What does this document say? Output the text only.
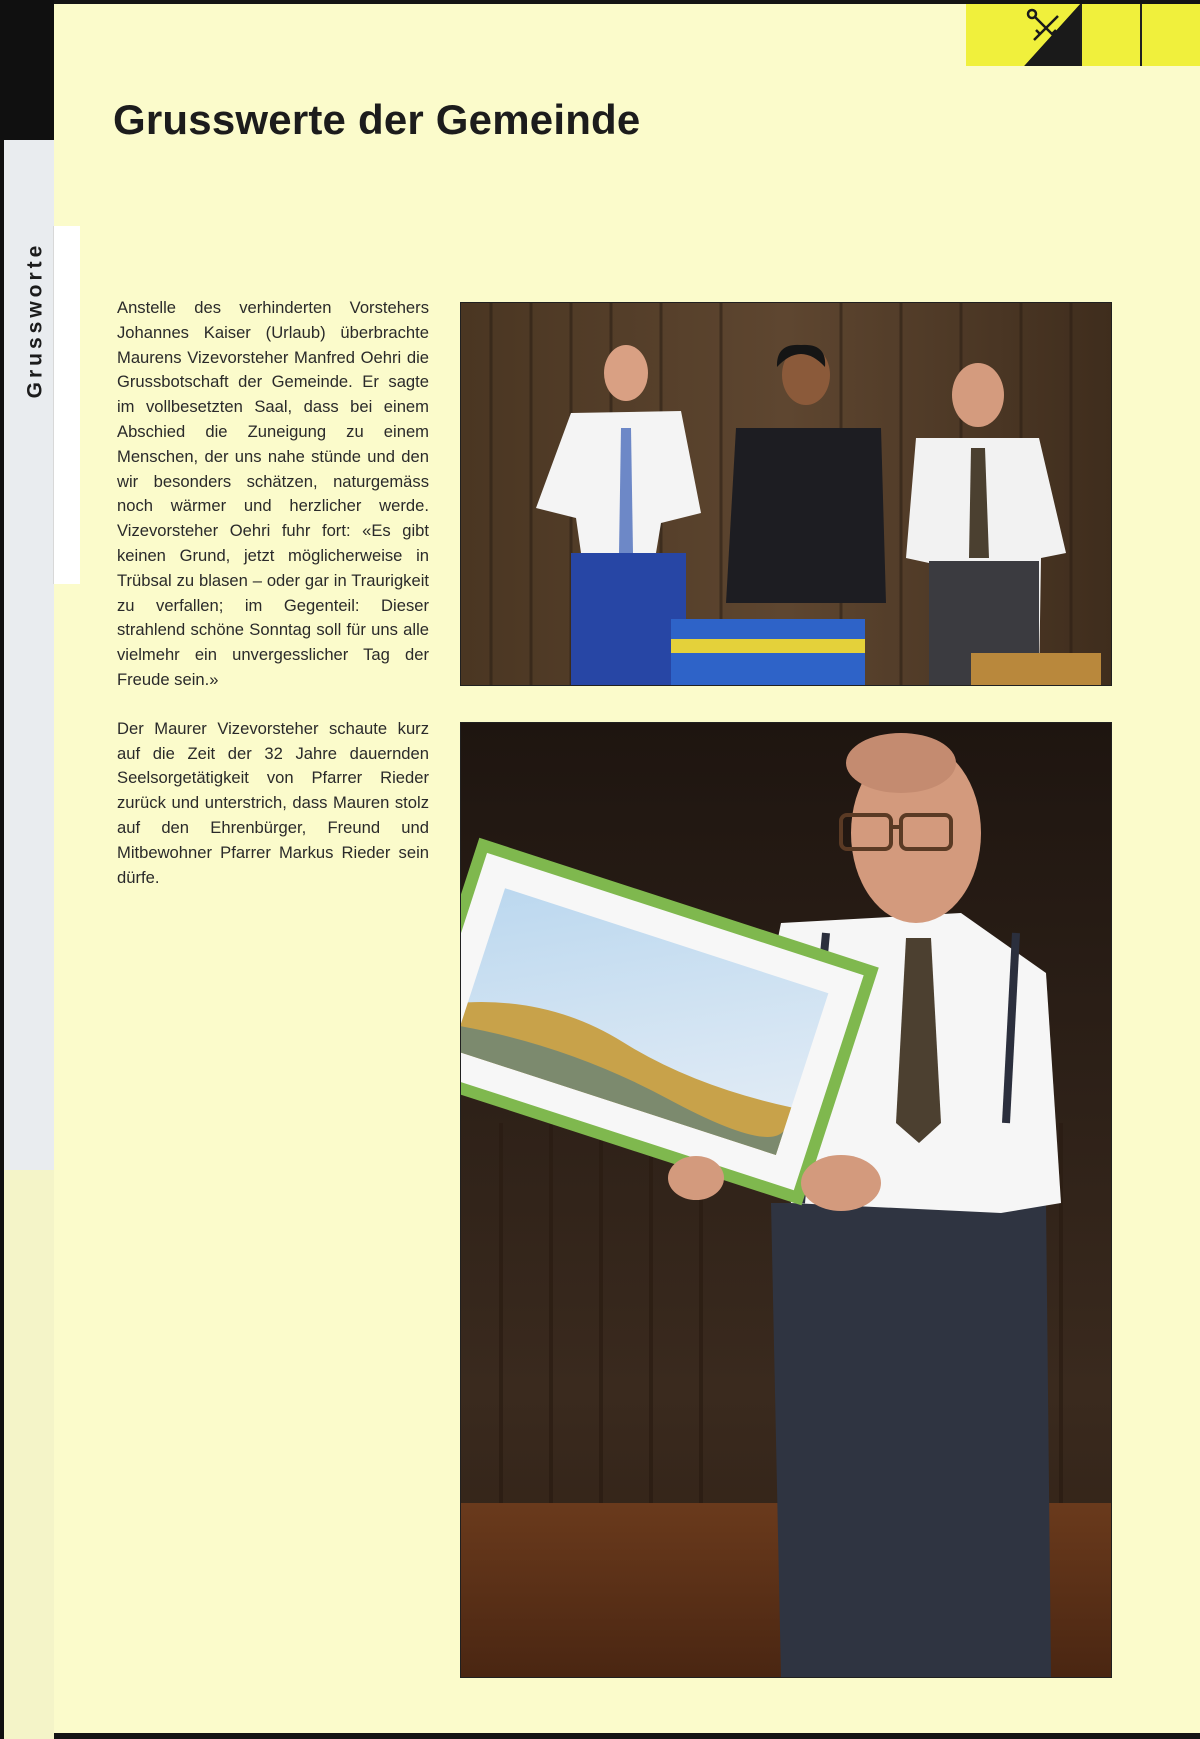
Grussworte
Grusswerte der Gemeinde

Anstelle des verhinderten Vorstehers Johannes Kaiser (Urlaub) überbrachte Maurens Vizevorsteher Manfred Oehri die Grussbotschaft der Gemeinde. Er sagte im vollbesetzten Saal, dass bei einem Abschied die Zuneigung zu einem Menschen, der uns nahe stünde und den wir besonders schätzen, naturgemäss noch wärmer und herzlicher werde. Vizevorsteher Oehri fuhr fort: «Es gibt keinen Grund, jetzt möglicherweise in Trübsal zu blasen – oder gar in Traurigkeit zu verfallen; im Gegenteil: Dieser strahlend schöne Sonntag soll für uns alle vielmehr ein unvergesslicher Tag der Freude sein.»

Der Maurer Vizevorsteher schaute kurz auf die Zeit der 32 Jahre dauernden Seelsorgetätigkeit von Pfarrer Rieder zurück und unterstrich, dass Mauren stolz auf den Ehrenbürger, Freund und Mitbewohner Pfarrer Markus Rieder sein dürfe.
